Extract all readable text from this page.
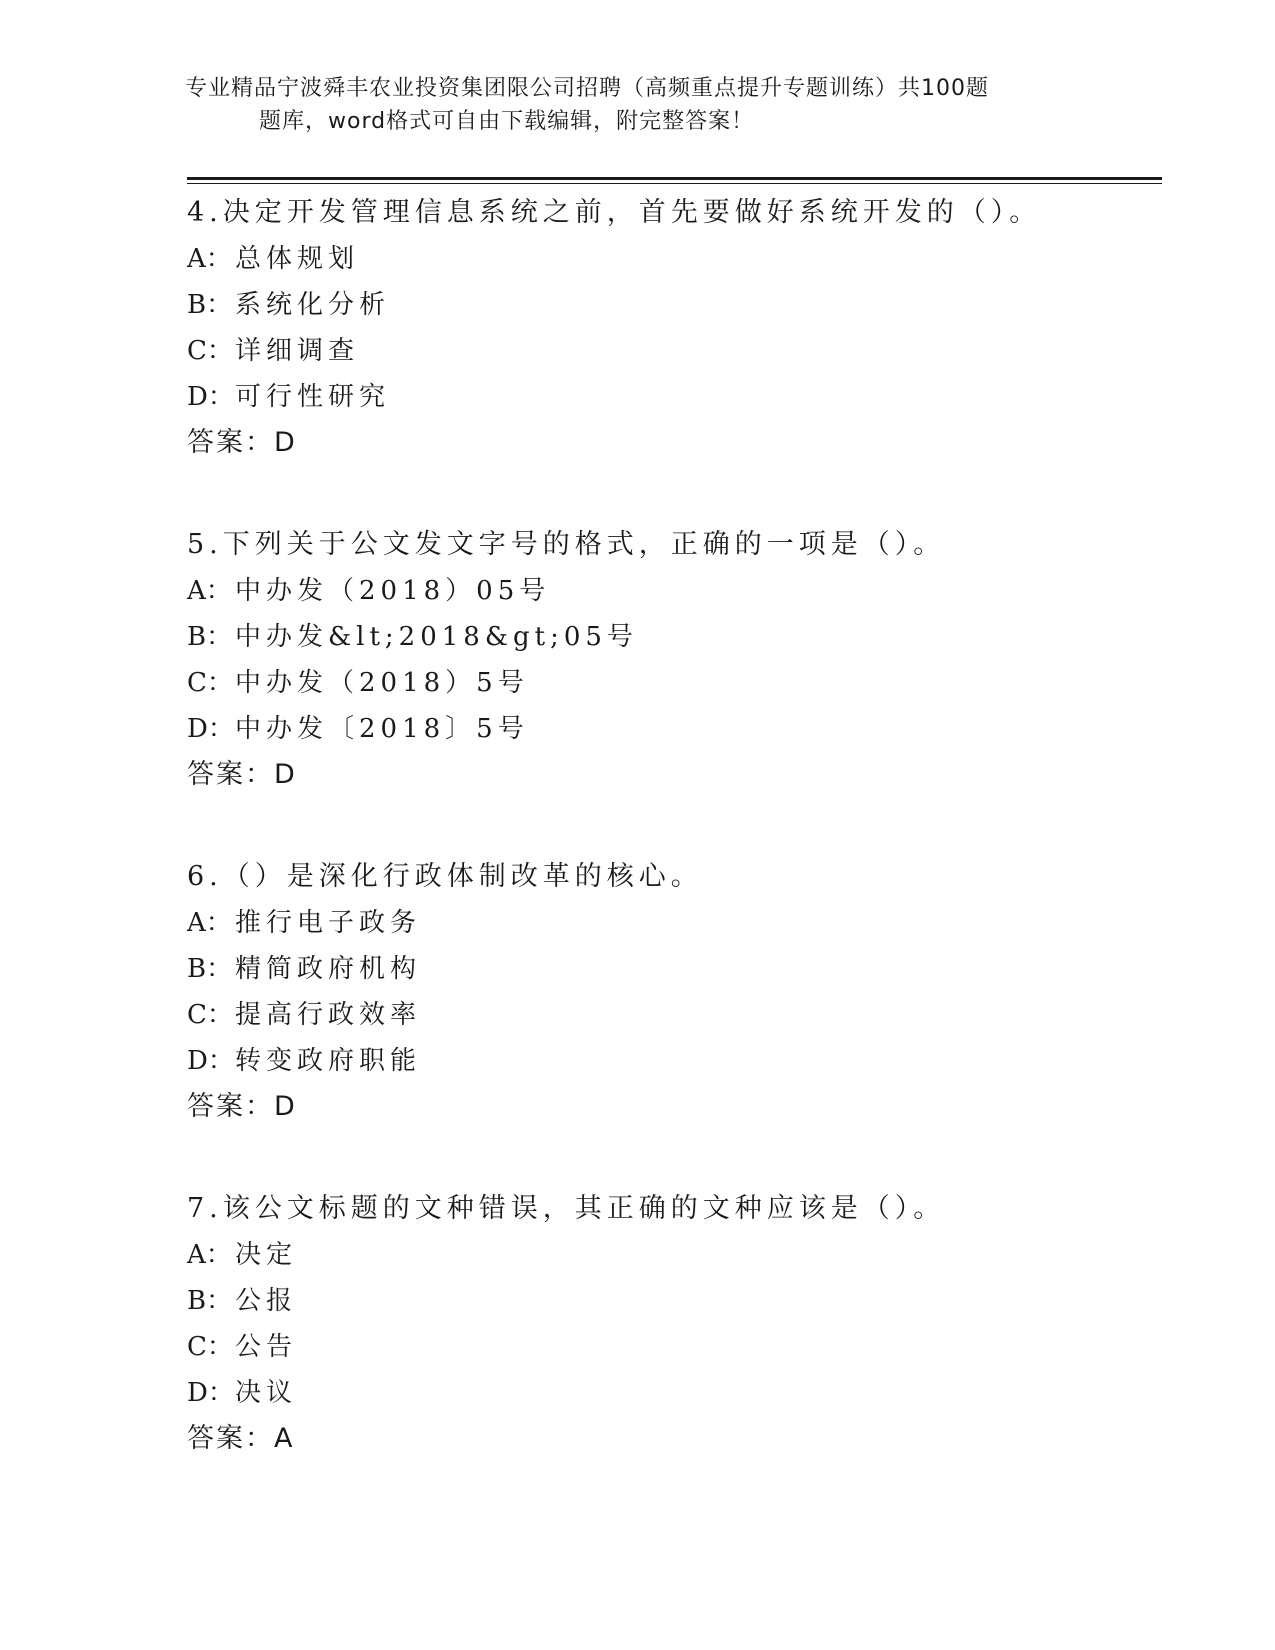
专业精品宁波舜丰农业投资集团限公司招聘（高频重点提升专题训练）共100题
题库，word格式可自由下载编辑，附完整答案！
4.决定开发管理信息系统之前，首先要做好系统开发的（）。
A： 总体规划
B： 系统化分析
C：详细调查
D：可行性研究
答案：D
5.下列关于公文发文字号的格式，正确的一项是（）。
A： 中办发（2018）05号
B： 中办发&lt;2018&gt;05号
C：中办发（2018）5号
D：中办发〔2018〕5号
答案：D
6.（）是深化行政体制改革的核心。
A： 推行电子政务
B： 精简政府机构
C：提高行政效率
D：转变政府职能
答案：D
7.该公文标题的文种错误，其正确的文种应该是（）。
A： 决定
B： 公报
C：公告
D：决议
答案：A
